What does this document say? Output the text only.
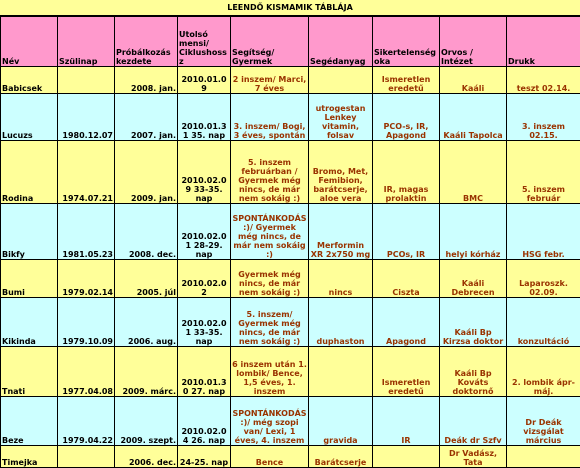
LEENDŐ KISMAMIK TÁBLÁJA
Név	Szülinap	Próbálkozás kezdete	Utolsó mensi/ Ciklushossz	Segítség/ Gyermek	Segédanyag	Sikertelenség oka	Orvos / Intézet	Drukk
Babicsek		2008. jan.	2010.01.09	2 inszem/ Marci, 7 éves		Ismeretlen eredetű	Kaáli	teszt 02.14.
Lucuzs	1980.12.07	2007. jan.	2010.01.31 35. nap	3. inszem/ Bogi, 3 éves, spontán	utrogestan Lenkey vitamin, folsav	PCO-s, IR, Apagond	Kaáli Tapolca	3. inszem 02.15.
Rodina	1974.07.21	2009. jan.	2010.02.09 33-35. nap	5. inszem februárban / Gyermek még nincs, de már nem sokáig :)	Bromo, Met, Femibion, barátcserje, aloe vera	IR, magas prolaktin	BMC	5. inszem február
Bikfy	1981.05.23	2008. dec.	2010.02.01 28-29. nap	SPONTÁNKODÁS :)/ Gyermek még nincs, de már nem sokáig :)	Merformin XR 2x750 mg	PCOs, IR	helyi kórház	HSG febr.
Bumi	1979.02.14	2005. júl	2010.02.02	Gyermek még nincs, de már nem sokáig :)	nincs	Ciszta	Kaáli Debrecen	Laparoszk. 02.09.
Kikinda	1979.10.09	2006. aug.	2010.02.01 33-35. nap	5. inszem/ Gyermek még nincs, de már nem sokáig :)	duphaston	Apagond	Kaáli Bp Kirzsa doktor	konzultáció
Tnati	1977.04.08	2009. márc.	2010.01.30 27. nap	6 inszem után 1. lombik/ Bence, 1,5 éves, 1. inszem		Ismeretlen eredetű	Kaáli Bp Kováts doktornő	2. lombik ápr-máj.
Beze	1979.04.22	2009. szept.	2010.02.04 26. nap	SPONTÁNKODÁS :)/ még szopi van/ Lexi, 1 éves, 4. inszem	gravida	IR	Deák dr Szfv	Dr Deák vizsgálat március
Timejka		2006. dec.	24-25. nap	Bence	Barátcserje		Dr Vadász, Tata	
